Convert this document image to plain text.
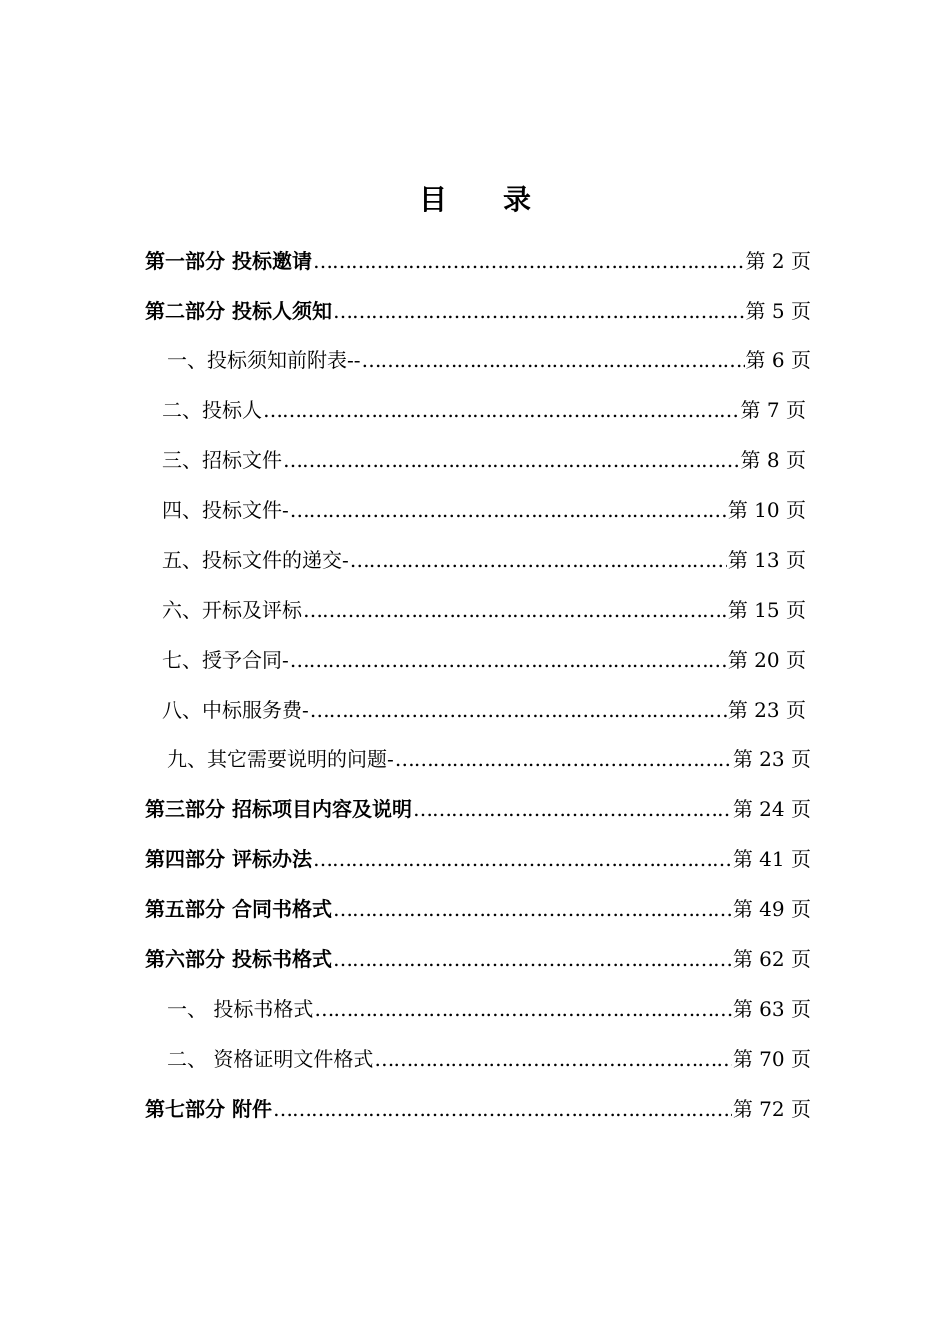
目　　录
第一部分 投标邀请 …………………………………………………………………………………………………………………………………………………………	第 2 页
第二部分 投标人须知 …………………………………………………………………………………………………………………………………………………………	第 5 页
一、投标须知前附表-- …………………………………………………………………………………………………………………………………………………………	第 6 页
二、投标人 …………………………………………………………………………………………………………………………………………………………	第 7 页
三、招标文件 …………………………………………………………………………………………………………………………………………………………	第 8 页
四、投标文件- …………………………………………………………………………………………………………………………………………………………	第 10 页
五、投标文件的递交- …………………………………………………………………………………………………………………………………………………………	第 13 页
六、开标及评标 …………………………………………………………………………………………………………………………………………………………	第 15 页
七、授予合同- …………………………………………………………………………………………………………………………………………………………	第 20 页
八、中标服务费- …………………………………………………………………………………………………………………………………………………………	第 23 页
九、其它需要说明的问题- …………………………………………………………………………………………………………………………………………………………	第 23 页
第三部分 招标项目内容及说明 …………………………………………………………………………………………………………………………………………………………	第 24 页
第四部分 评标办法 …………………………………………………………………………………………………………………………………………………………	第 41 页
第五部分 合同书格式 …………………………………………………………………………………………………………………………………………………………	第 49 页
第六部分 投标书格式 …………………………………………………………………………………………………………………………………………………………	第 62 页
一、 投标书格式 …………………………………………………………………………………………………………………………………………………………	第 63 页
二、 资格证明文件格式 …………………………………………………………………………………………………………………………………………………………	第 70 页
第七部分 附件 …………………………………………………………………………………………………………………………………………………………	第 72 页
